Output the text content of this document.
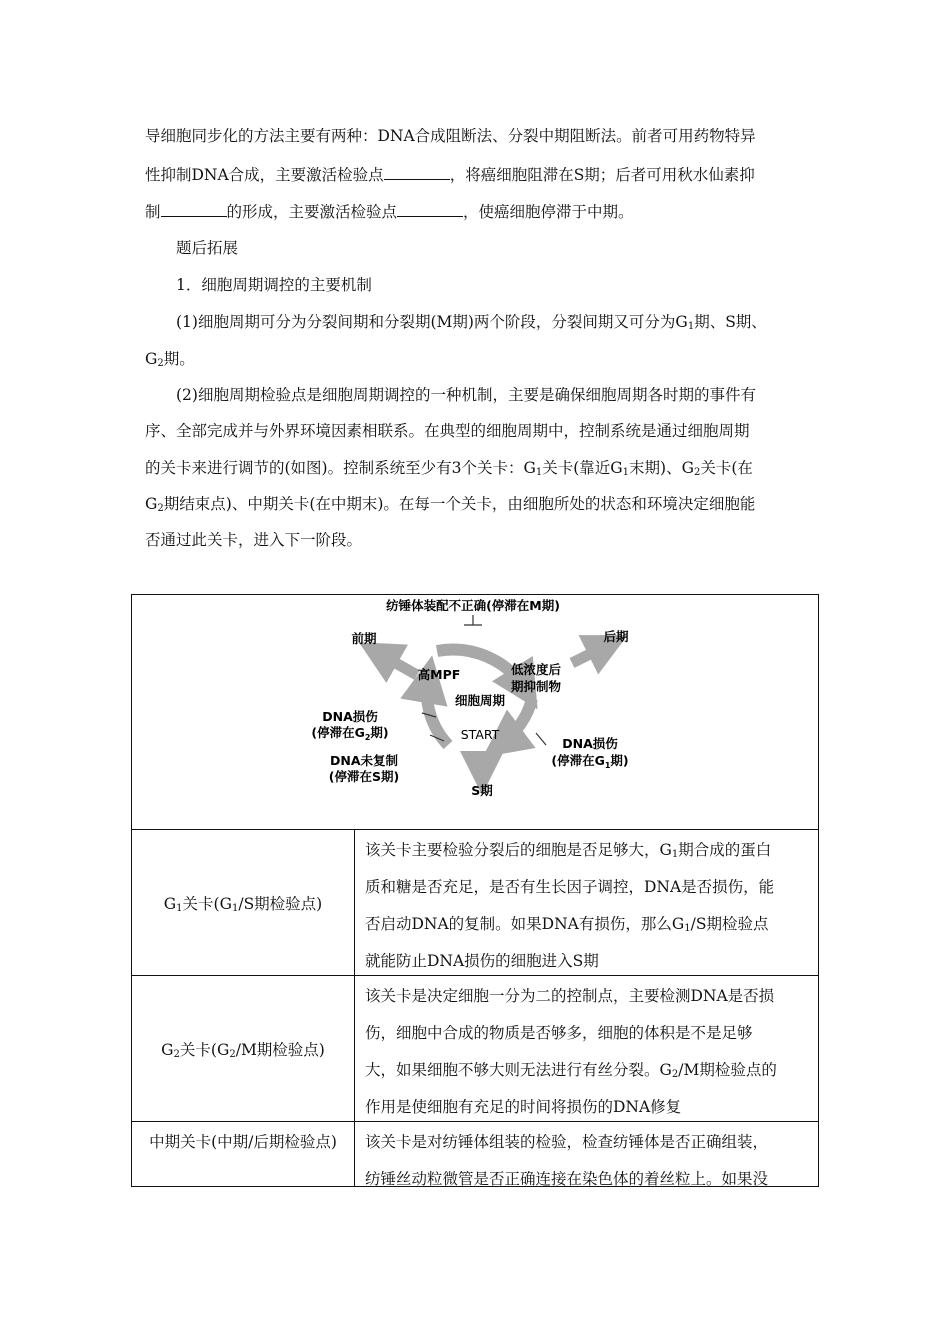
导细胞同步化的方法主要有两种：DNA合成阻断法、分裂中期阻断法。前者可用药物特异
性抑制DNA合成，主要激活检验点	，将癌细胞阻滞在S期；后者可用秋水仙素抑
制	的形成，主要激活检验点	，使癌细胞停滞于中期。
题后拓展
1．细胞周期调控的主要机制
(1)细胞周期可分为分裂间期和分裂期(M期)两个阶段，分裂间期又可分为$G_1$期、S期、
$G_2$期。
(2)细胞周期检验点是细胞周期调控的一种机制，主要是确保细胞周期各时期的事件有
序、全部完成并与外界环境因素相联系。在典型的细胞周期中，控制系统是通过细胞周期
的关卡来进行调节的(如图)。控制系统至少有3个关卡：$G_1$关卡(靠近$G_1$末期)、$G_2$关卡(在
$G_2$期结束点)、中期关卡(在中期末)。在每一个关卡，由细胞所处的状态和环境决定细胞能
否通过此关卡，进入下一阶段。
纺锤体装配不正确(停滞在M期)
前期	后期
高MPF	低浓度后
期抑制物
细胞周期
START
DNA损伤
(停滞在$G_2$期)
DNA未复制
(停滞在S期)
DNA损伤
(停滞在$G_1$期)
S期
$G_1$关卡($G_1/S$期检验点)
该关卡主要检验分裂后的细胞是否足够大，$G_1$期合成的蛋白
质和糖是否充足，是否有生长因子调控，DNA是否损伤，能
否启动DNA的复制。如果DNA有损伤，那么$G_1/S$期检验点
就能防止DNA损伤的细胞进入S期
$G_2$关卡($G_2/M$期检验点)
该关卡是决定细胞一分为二的控制点，主要检测DNA是否损
伤，细胞中合成的物质是否够多，细胞的体积是不是足够
大，如果细胞不够大则无法进行有丝分裂。$G_2/M$期检验点的
作用是使细胞有充足的时间将损伤的DNA修复
中期关卡(中期/后期检验点) 该关卡是对纺锤体组装的检验，检查纺锤体是否正确组装，
纺锤丝动粒微管是否正确连接在染色体的着丝粒上。如果没
